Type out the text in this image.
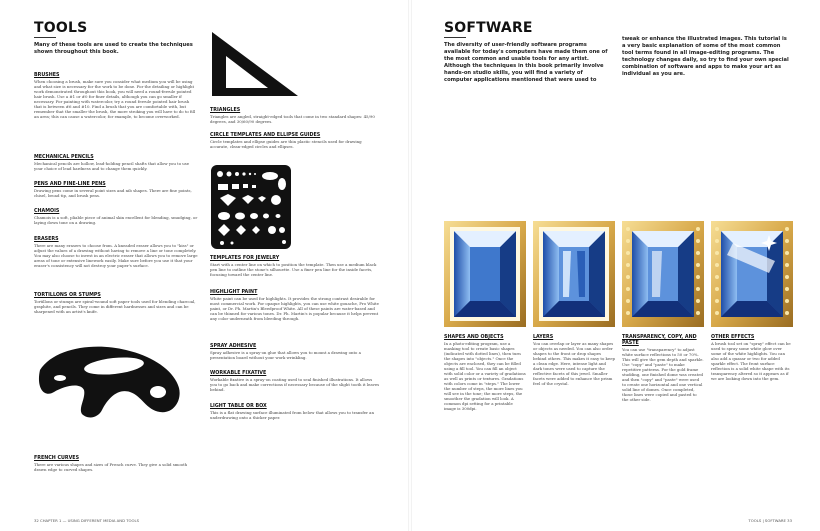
TOOLS
Many of these tools are used to create the techniques shown throughout this book.

BRUSHES

When choosing a brush, make sure you consider what medium you will be using and what size is necessary for the work to be done. For the detailing or highlight work demonstrated throughout this book, you will need a round-ferrule pointed hair brush. Use a #1 or #0 for finer details, although you can go smaller if necessary. For painting with watercolor, try a round ferrule pointed hair brush that is between #6 and #10. Find a brush that you are comfortable with, but remember that the smaller the brush, the more stroking you will have to do to fill an area; this can cause a watercolor, for example, to become overworked.

MECHANICAL PENCILS

Mechanical pencils are hollow, lead-holding pencil shafts that allow you to use your choice of lead hardness and to change them quickly.

PENS AND FINE-LINE PENS

Drawing pens come in several point sizes and nib shapes. There are fine points, chisel, broad tip, and brush pens.

CHAMOIS

Chamois is a soft, pliable piece of animal skin excellent for blending, smudging, or laying down tone on a drawing.

ERASERS

There are many erasers to choose from. A kneaded eraser allows you to "kiss" or adjust the values of a drawing without having to remove a line or tone completely. You may also choose to invest in an electric eraser that allows you to remove large areas of tone or extensive linework easily. Make sure before you use it that your eraser's consistency will not destroy your paper's surface.

TORTILLONS OR STUMPS

Tortillons or stumps are spiral-wound soft paper tools used for blending charcoal, graphite, and pencils. They come in different hardnesses and sizes and can be sharpened with an artist's knife.

FRENCH CURVES

There are various shapes and sizes of French curve. They give a solid smooth drawn edge to curved shapes.

TRIANGLES

Triangles are angled, straight-edged tools that come in two standard shapes: 45/90 degrees, and 30/60/90 degrees.

CIRCLE TEMPLATES AND ELLIPSE GUIDES

Circle templates and ellipse guides are thin plastic stencils used for drawing accurate, clean-edged circles and ellipses.

TEMPLATES FOR JEWELRY

Start with a center line on which to position the template. Then use a medium black pen line to outline the stone's silhouette. Use a finer pen line for the inside facets, focusing toward the center line.

HIGHLIGHT PAINT

White paint can be used for highlights. It provides the strong contrast desirable for most commercial work. For opaque highlights, you can use white gouache, Pro White paint, or Dr. Ph. Martin's Bleedproof White. All of these paints are water-based and can be thinned for various tones. Dr. Ph. Martin's is popular because it helps prevent any color underneath from bleeding through.

SPRAY ADHESIVE

Spray adhesive is a spray-on glue that allows you to mount a drawing onto a presentation board without your work wrinkling.

WORKABLE FIXATIVE

Workable fixative is a spray-on coating used to seal finished illustrations. It allows you to go back and make corrections if necessary because of the slight tooth it leaves behind.

LIGHT TABLE OR BOX

This is a flat drawing surface illuminated from below that allows you to transfer an underdrawing onto a thicker paper.

32 CHAPTER 1 — USING DIFFERENT MEDIA AND TOOLS
SOFTWARE
The diversity of user-friendly software programs available for today's computers have made them one of the most common and usable tools for any artist. Although the techniques in this book primarily involve hands-on studio skills, you will find a variety of computer applications mentioned that were used to
tweak or enhance the illustrated images. This tutorial is a very basic explanation of some of the most common tool terms found in all image-editing programs. The technology changes daily, so try to find your own special combination of software and apps to make your art as individual as you are.

SHAPES AND OBJECTS

In a photo-editing program, use a masking tool to create basic shapes (indicated with dotted lines), then turn the shapes into "objects." Once the objects are enclosed, they can be filled using a fill tool. You can fill an object with solid color or a variety of gradations as well as prints or textures. Gradations with colors come in "steps." The lower the number of steps, the more lines you will see in the tone; the more steps, the smoother the gradation will look. A common dpi setting for a printable image is 300dpi.

LAYERS

You can overlap or layer as many shapes or objects as needed. You can also order shapes to the front or drop shapes behind others. This makes it easy to keep a clean edge. Here, intense light and dark tones were used to capture the reflective facets of this jewel. Smaller facets were added to enhance the prism feel of the crystal.

TRANSPARENCY, COPY, AND PASTE

You can use "transparency" to adjust white surface reflections to 50 or 70%. This will give the gem depth and sparkle. Use "copy" and "paste" to make repetitive patterns. For the gold frame studding, one finished dome was created and then "copy" and "paste" were used to create one horizontal and one vertical solid line of domes. Once completed, those lines were copied and pasted to the other side.

OTHER EFFECTS

A brush tool set on "spray" effect can be used to spray some white glow over some of the white highlights. You can also add a quasar or two for added sparkle effect. The front surface reflection is a solid white shape with its transparency altered so it appears as if we are looking down into the gem.

TOOLS | SOFTWARE 33
